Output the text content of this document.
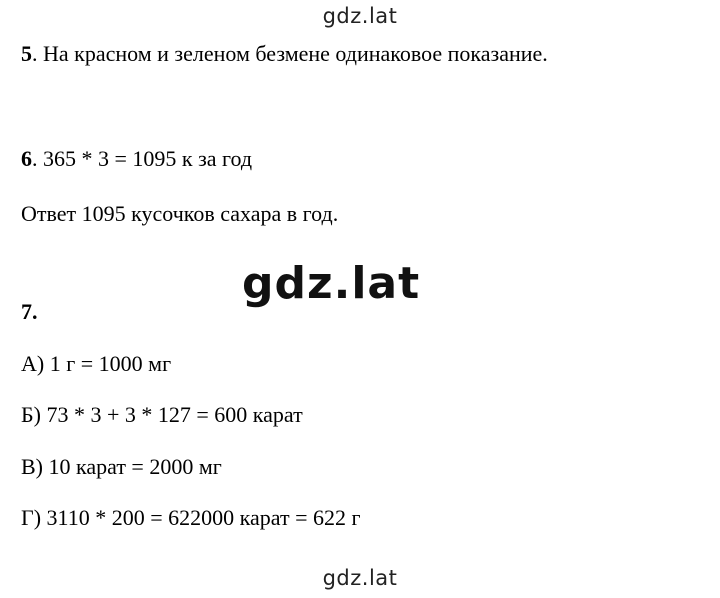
gdz.lat
5. На красном и зеленом безмене одинаковое показание.
6. 365 * 3 = 1095 к за год
Ответ 1095 кусочков сахара в год.
gdz.lat
7.
А) 1 г = 1000 мг
Б) 73 * 3 + 3 * 127 = 600 карат
В) 10 карат = 2000 мг
Г) 3110 * 200 = 622000 карат = 622 г
gdz.lat
